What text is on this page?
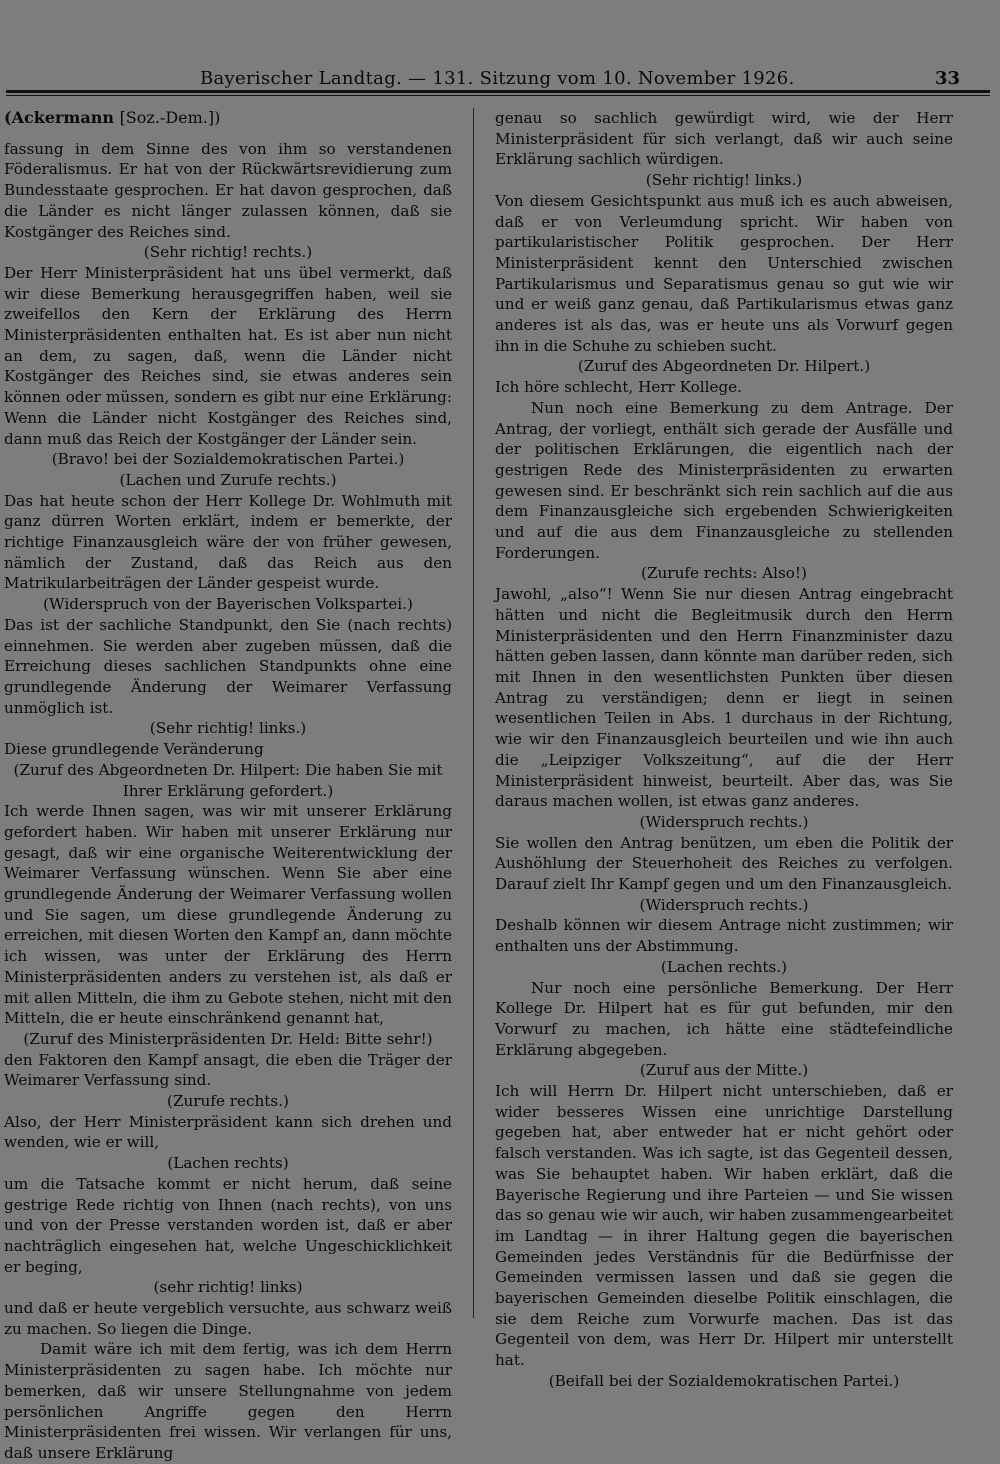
Bayerischer Landtag. — 131. Sitzung vom 10. November 1926.	33
(Ackermann [Soz.-Dem.])

fassung in dem Sinne des von ihm so verstandenen Föderalismus. Er hat von der Rückwärtsrevidierung zum Bundesstaate gesprochen. Er hat davon gesprochen, daß die Länder es nicht länger zulassen können, daß sie Kostgänger des Reiches sind.

(Sehr richtig! rechts.)

Der Herr Ministerpräsident hat uns übel vermerkt, daß wir diese Bemerkung herausgegriffen haben, weil sie zweifellos den Kern der Erklärung des Herrn Ministerpräsidenten enthalten hat. Es ist aber nun nicht an dem, zu sagen, daß, wenn die Länder nicht Kostgänger des Reiches sind, sie etwas anderes sein können oder müssen, sondern es gibt nur eine Erklärung: Wenn die Länder nicht Kostgänger des Reiches sind, dann muß das Reich der Kostgänger der Länder sein.

(Bravo! bei der Sozialdemokratischen Partei.)

(Lachen und Zurufe rechts.)

Das hat heute schon der Herr Kollege Dr. Wohlmuth mit ganz dürren Worten erklärt, indem er bemerkte, der richtige Finanzausgleich wäre der von früher gewesen, nämlich der Zustand, daß das Reich aus den Matrikularbeiträgen der Länder gespeist wurde.

(Widerspruch von der Bayerischen Volkspartei.)

Das ist der sachliche Standpunkt, den Sie (nach rechts) einnehmen. Sie werden aber zugeben müssen, daß die Erreichung dieses sachlichen Standpunkts ohne eine grundlegende Änderung der Weimarer Verfassung unmöglich ist.

(Sehr richtig! links.)

Diese grundlegende Veränderung

(Zuruf des Abgeordneten Dr. Hilpert: Die haben Sie mit Ihrer Erklärung gefordert.)

Ich werde Ihnen sagen, was wir mit unserer Erklärung gefordert haben. Wir haben mit unserer Erklärung nur gesagt, daß wir eine organische Weiterentwicklung der Weimarer Verfassung wünschen. Wenn Sie aber eine grundlegende Änderung der Weimarer Verfassung wollen und Sie sagen, um diese grundlegende Änderung zu erreichen, mit diesen Worten den Kampf an, dann möchte ich wissen, was unter der Erklärung des Herrn Ministerpräsidenten anders zu verstehen ist, als daß er mit allen Mitteln, die ihm zu Gebote stehen, nicht mit den Mitteln, die er heute einschränkend genannt hat,

(Zuruf des Ministerpräsidenten Dr. Held: Bitte sehr!)

den Faktoren den Kampf ansagt, die eben die Träger der Weimarer Verfassung sind.

(Zurufe rechts.)

Also, der Herr Ministerpräsident kann sich drehen und wenden, wie er will,

(Lachen rechts)

um die Tatsache kommt er nicht herum, daß seine gestrige Rede richtig von Ihnen (nach rechts), von uns und von der Presse verstanden worden ist, daß er aber nachträglich eingesehen hat, welche Ungeschicklichkeit er beging,

(sehr richtig! links)

und daß er heute vergeblich versuchte, aus schwarz weiß zu machen. So liegen die Dinge.

Damit wäre ich mit dem fertig, was ich dem Herrn Ministerpräsidenten zu sagen habe. Ich möchte nur bemerken, daß wir unsere Stellungnahme von jedem persönlichen Angriffe gegen den Herrn Ministerpräsidenten frei wissen. Wir verlangen für uns, daß unsere Erklärung

genau so sachlich gewürdigt wird, wie der Herr Ministerpräsident für sich verlangt, daß wir auch seine Erklärung sachlich würdigen.

(Sehr richtig! links.)

Von diesem Gesichtspunkt aus muß ich es auch abweisen, daß er von Verleumdung spricht. Wir haben von partikularistischer Politik gesprochen. Der Herr Ministerpräsident kennt den Unterschied zwischen Partikularismus und Separatismus genau so gut wie wir und er weiß ganz genau, daß Partikularismus etwas ganz anderes ist als das, was er heute uns als Vorwurf gegen ihn in die Schuhe zu schieben sucht.

(Zuruf des Abgeordneten Dr. Hilpert.)

Ich höre schlecht, Herr Kollege.

Nun noch eine Bemerkung zu dem Antrage. Der Antrag, der vorliegt, enthält sich gerade der Ausfälle und der politischen Erklärungen, die eigentlich nach der gestrigen Rede des Ministerpräsidenten zu erwarten gewesen sind. Er beschränkt sich rein sachlich auf die aus dem Finanzausgleiche sich ergebenden Schwierigkeiten und auf die aus dem Finanzausgleiche zu stellenden Forderungen.

(Zurufe rechts: Also!)

Jawohl, „also“! Wenn Sie nur diesen Antrag eingebracht hätten und nicht die Begleitmusik durch den Herrn Ministerpräsidenten und den Herrn Finanzminister dazu hätten geben lassen, dann könnte man darüber reden, sich mit Ihnen in den wesentlichsten Punkten über diesen Antrag zu verständigen; denn er liegt in seinen wesentlichen Teilen in Abs. 1 durchaus in der Richtung, wie wir den Finanzausgleich beurteilen und wie ihn auch die „Leipziger Volkszeitung“, auf die der Herr Ministerpräsident hinweist, beurteilt. Aber das, was Sie daraus machen wollen, ist etwas ganz anderes.

(Widerspruch rechts.)

Sie wollen den Antrag benützen, um eben die Politik der Aushöhlung der Steuerhoheit des Reiches zu verfolgen. Darauf zielt Ihr Kampf gegen und um den Finanzausgleich.

(Widerspruch rechts.)

Deshalb können wir diesem Antrage nicht zustimmen; wir enthalten uns der Abstimmung.

(Lachen rechts.)

Nur noch eine persönliche Bemerkung. Der Herr Kollege Dr. Hilpert hat es für gut befunden, mir den Vorwurf zu machen, ich hätte eine städtefeindliche Erklärung abgegeben.

(Zuruf aus der Mitte.)

Ich will Herrn Dr. Hilpert nicht unterschieben, daß er wider besseres Wissen eine unrichtige Darstellung gegeben hat, aber entweder hat er nicht gehört oder falsch verstanden. Was ich sagte, ist das Gegenteil dessen, was Sie behauptet haben. Wir haben erklärt, daß die Bayerische Regierung und ihre Parteien — und Sie wissen das so genau wie wir auch, wir haben zusammengearbeitet im Landtag — in ihrer Haltung gegen die bayerischen Gemeinden jedes Verständnis für die Bedürfnisse der Gemeinden vermissen lassen und daß sie gegen die bayerischen Gemeinden dieselbe Politik einschlagen, die sie dem Reiche zum Vorwurfe machen. Das ist das Gegenteil von dem, was Herr Dr. Hilpert mir unterstellt hat.

(Beifall bei der Sozialdemokratischen Partei.)
